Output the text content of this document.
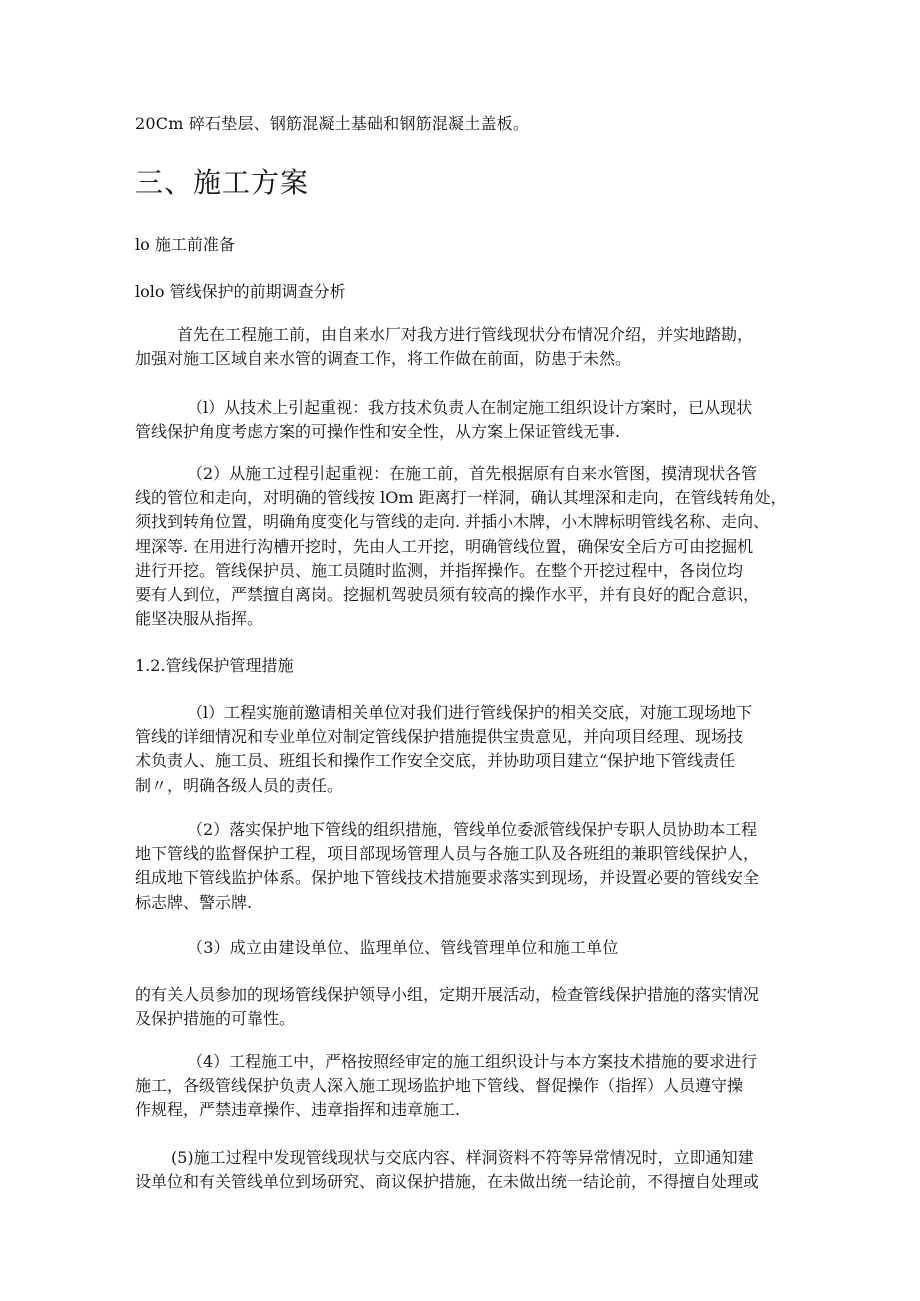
20Cm 碎石垫层、钢筋混凝土基础和钢筋混凝土盖板。
三、施工方案
lo 施工前准备
lolo 管线保护的前期调查分析
首先在工程施工前，由自来水厂对我方进行管线现状分布情况介绍，并实地踏勘，
加强对施工区域自来水管的调查工作，将工作做在前面，防患于未然。
（l）从技术上引起重视：我方技术负责人在制定施工组织设计方案时，已从现状
管线保护角度考虑方案的可操作性和安全性，从方案上保证管线无事.
（2）从施工过程引起重视：在施工前，首先根据原有自来水管图，摸清现状各管
线的管位和走向，对明确的管线按 lOm 距离打一样洞，确认其埋深和走向，在管线转角处，
须找到转角位置，明确角度变化与管线的走向. 并插小木牌，小木牌标明管线名称、走向、
埋深等. 在用进行沟槽开挖时，先由人工开挖，明确管线位置，确保安全后方可由挖掘机
进行开挖。管线保护员、施工员随时监测，并指挥操作。在整个开挖过程中，各岗位均
要有人到位，严禁擅自离岗。挖掘机驾驶员须有较高的操作水平，并有良好的配合意识，
能坚决服从指挥。
1.2.管线保护管理措施
（l）工程实施前邀请相关单位对我们进行管线保护的相关交底，对施工现场地下
管线的详细情况和专业单位对制定管线保护措施提供宝贵意见，并向项目经理、现场技
术负责人、施工员、班组长和操作工作安全交底，并协助项目建立“保护地下管线责任
制〃，明确各级人员的责任。
（2）落实保护地下管线的组织措施，管线单位委派管线保护专职人员协助本工程
地下管线的监督保护工程，项目部现场管理人员与各施工队及各班组的兼职管线保护人，
组成地下管线监护体系。保护地下管线技术措施要求落实到现场，并设置必要的管线安全
标志牌、警示牌.
（3）成立由建设单位、监理单位、管线管理单位和施工单位
的有关人员参加的现场管线保护领导小组，定期开展活动，检查管线保护措施的落实情况
及保护措施的可靠性。
（4）工程施工中，严格按照经审定的施工组织设计与本方案技术措施的要求进行
施工，各级管线保护负责人深入施工现场监护地下管线、督促操作（指挥）人员遵守操
作规程，严禁违章操作、违章指挥和违章施工.
(5)施工过程中发现管线现状与交底内容、样洞资料不符等异常情况时，立即通知建
设单位和有关管线单位到场研究、商议保护措施，在未做出统一结论前，不得擅自处理或
